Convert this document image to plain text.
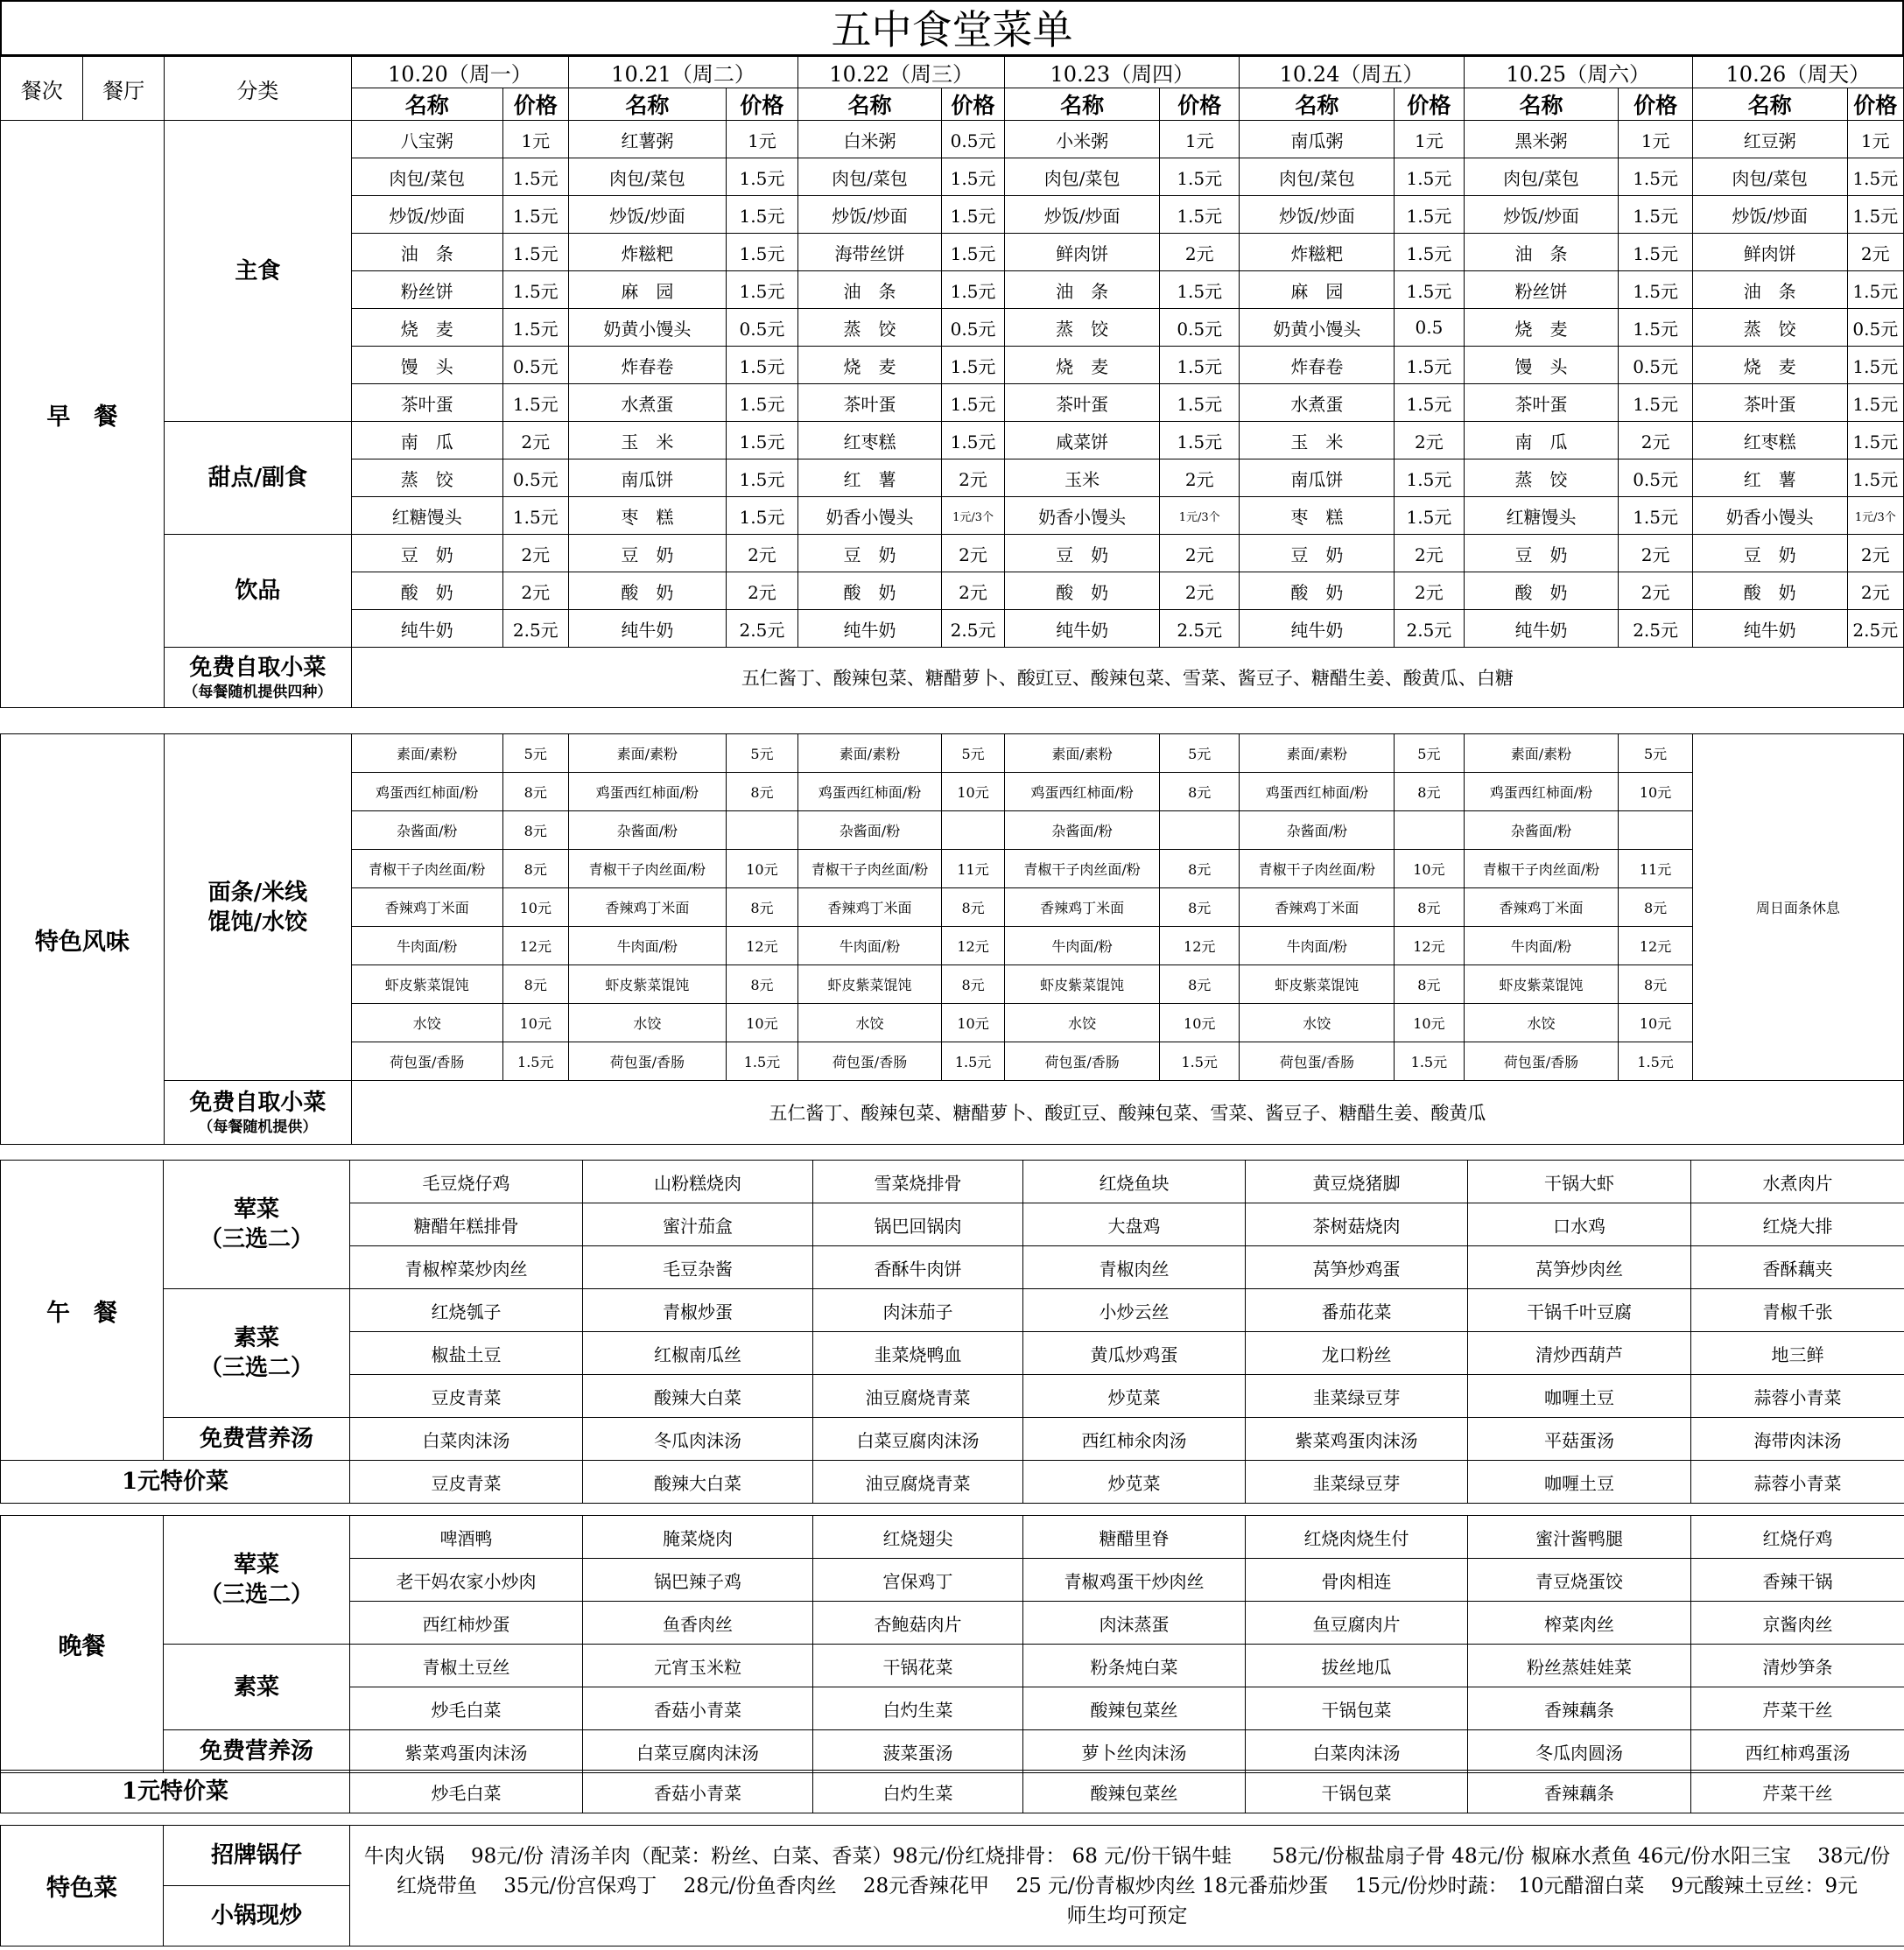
五中食堂菜单
餐次	餐厅	分类	10.20（周一）		10.21（周二）		10.22（周三）		10.23（周四）		10.24（周五）		10.25（周六）		10.26（周天）	
			名称	价格	名称	价格	名称	价格	名称	价格	名称	价格	名称	价格	名称	价格
早　餐		主食	八宝粥	1元	红薯粥	1元	白米粥	0.5元	小米粥	1元	南瓜粥	1元	黑米粥	1元	红豆粥	1元
			肉包/菜包	1.5元	肉包/菜包	1.5元	肉包/菜包	1.5元	肉包/菜包	1.5元	肉包/菜包	1.5元	肉包/菜包	1.5元	肉包/菜包	1.5元
			炒饭/炒面	1.5元	炒饭/炒面	1.5元	炒饭/炒面	1.5元	炒饭/炒面	1.5元	炒饭/炒面	1.5元	炒饭/炒面	1.5元	炒饭/炒面	1.5元
			油　条	1.5元	炸糍粑	1.5元	海带丝饼	1.5元	鲜肉饼	2元	炸糍粑	1.5元	油　条	1.5元	鲜肉饼	2元
			粉丝饼	1.5元	麻　园	1.5元	油　条	1.5元	油　条	1.5元	麻　园	1.5元	粉丝饼	1.5元	油　条	1.5元
			烧　麦	1.5元	奶黄小馒头	0.5元	蒸　饺	0.5元	蒸　饺	0.5元	奶黄小馒头	0.5	烧　麦	1.5元	蒸　饺	0.5元
			馒　头	0.5元	炸春卷	1.5元	烧　麦	1.5元	烧　麦	1.5元	炸春卷	1.5元	馒　头	0.5元	烧　麦	1.5元
			茶叶蛋	1.5元	水煮蛋	1.5元	茶叶蛋	1.5元	茶叶蛋	1.5元	水煮蛋	1.5元	茶叶蛋	1.5元	茶叶蛋	1.5元
		甜点/副食	南　瓜	2元	玉　米	1.5元	红枣糕	1.5元	咸菜饼	1.5元	玉　米	2元	南　瓜	2元	红枣糕	1.5元
			蒸　饺	0.5元	南瓜饼	1.5元	红　薯	2元	玉米	2元	南瓜饼	1.5元	蒸　饺	0.5元	红　薯	1.5元
			红糖馒头	1.5元	枣　糕	1.5元	奶香小馒头	1元/3个	奶香小馒头	1元/3个	枣　糕	1.5元	红糖馒头	1.5元	奶香小馒头	1元/3个
		饮品	豆　奶	2元	豆　奶	2元	豆　奶	2元	豆　奶	2元	豆　奶	2元	豆　奶	2元	豆　奶	2元
			酸　奶	2元	酸　奶	2元	酸　奶	2元	酸　奶	2元	酸　奶	2元	酸　奶	2元	酸　奶	2元
			纯牛奶	2.5元	纯牛奶	2.5元	纯牛奶	2.5元	纯牛奶	2.5元	纯牛奶	2.5元	纯牛奶	2.5元	纯牛奶	2.5元
		免费自取小菜
（每餐随机提供四种）	五仁酱丁、酸辣包菜、糖醋萝卜、酸豇豆、酸辣包菜、雪菜、酱豆子、糖醋生姜、酸黄瓜、白糖													
特色风味	面条/米线
馄饨/水饺	素面/素粉	5元	素面/素粉	5元	素面/素粉	5元	素面/素粉	5元	素面/素粉	5元	素面/素粉	5元	周日面条休息
		鸡蛋西红柿面/粉	8元	鸡蛋西红柿面/粉	8元	鸡蛋西红柿面/粉	10元	鸡蛋西红柿面/粉	8元	鸡蛋西红柿面/粉	8元	鸡蛋西红柿面/粉	10元	
		杂酱面/粉	8元	杂酱面/粉		杂酱面/粉		杂酱面/粉		杂酱面/粉		杂酱面/粉		
		青椒干子肉丝面/粉	8元	青椒干子肉丝面/粉	10元	青椒干子肉丝面/粉	11元	青椒干子肉丝面/粉	8元	青椒干子肉丝面/粉	10元	青椒干子肉丝面/粉	11元	
		香辣鸡丁米面	10元	香辣鸡丁米面	8元	香辣鸡丁米面	8元	香辣鸡丁米面	8元	香辣鸡丁米面	8元	香辣鸡丁米面	8元	
		牛肉面/粉	12元	牛肉面/粉	12元	牛肉面/粉	12元	牛肉面/粉	12元	牛肉面/粉	12元	牛肉面/粉	12元	
		虾皮紫菜馄饨	8元	虾皮紫菜馄饨	8元	虾皮紫菜馄饨	8元	虾皮紫菜馄饨	8元	虾皮紫菜馄饨	8元	虾皮紫菜馄饨	8元	
		水饺	10元	水饺	10元	水饺	10元	水饺	10元	水饺	10元	水饺	10元	
		荷包蛋/香肠	1.5元	荷包蛋/香肠	1.5元	荷包蛋/香肠	1.5元	荷包蛋/香肠	1.5元	荷包蛋/香肠	1.5元	荷包蛋/香肠	1.5元	
	免费自取小菜
（每餐随机提供）	五仁酱丁、酸辣包菜、糖醋萝卜、酸豇豆、酸辣包菜、雪菜、酱豆子、糖醋生姜、酸黄瓜												
午　餐	荤菜
（三选二）	毛豆烧仔鸡	山粉糕烧肉	雪菜烧排骨	红烧鱼块	黄豆烧猪脚	干锅大虾	水煮肉片
		糖醋年糕排骨	蜜汁茄盒	锅巴回锅肉	大盘鸡	茶树菇烧肉	口水鸡	红烧大排
		青椒榨菜炒肉丝	毛豆杂酱	香酥牛肉饼	青椒肉丝	莴笋炒鸡蛋	莴笋炒肉丝	香酥藕夹
	素菜
（三选二）	红烧瓠子	青椒炒蛋	肉沫茄子	小炒云丝	番茄花菜	干锅千叶豆腐	青椒千张
		椒盐土豆	红椒南瓜丝	韭菜烧鸭血	黄瓜炒鸡蛋	龙口粉丝	清炒西葫芦	地三鲜
		豆皮青菜	酸辣大白菜	油豆腐烧青菜	炒苋菜	韭菜绿豆芽	咖喱土豆	蒜蓉小青菜
	免费营养汤	白菜肉沫汤	冬瓜肉沫汤	白菜豆腐肉沫汤	西红柿氽肉汤	紫菜鸡蛋肉沫汤	平菇蛋汤	海带肉沫汤
1元特价菜	豆皮青菜	酸辣大白菜	油豆腐烧青菜	炒苋菜	韭菜绿豆芽	咖喱土豆	蒜蓉小青菜
晚餐	荤菜
（三选二）	啤酒鸭	腌菜烧肉	红烧翅尖	糖醋里脊	红烧肉烧生付	蜜汁酱鸭腿	红烧仔鸡
		老干妈农家小炒肉	锅巴辣子鸡	宫保鸡丁	青椒鸡蛋干炒肉丝	骨肉相连	青豆烧蛋饺	香辣干锅
		西红柿炒蛋	鱼香肉丝	杏鲍菇肉片	肉沫蒸蛋	鱼豆腐肉片	榨菜肉丝	京酱肉丝
	素菜	青椒土豆丝	元宵玉米粒	干锅花菜	粉条炖白菜	拔丝地瓜	粉丝蒸娃娃菜	清炒笋条
		炒毛白菜	香菇小青菜	白灼生菜	酸辣包菜丝	干锅包菜	香辣藕条	芹菜干丝
	免费营养汤	紫菜鸡蛋肉沫汤	白菜豆腐肉沫汤	菠菜蛋汤	萝卜丝肉沫汤	白菜肉沫汤	冬瓜肉圆汤	西红柿鸡蛋汤
1元特价菜	炒毛白菜	香菇小青菜	白灼生菜	酸辣包菜丝	干锅包菜	香辣藕条	芹菜干丝
特色菜	招牌锅仔	牛肉火锅　 98元/份 清汤羊肉（配菜：粉丝、白菜、香菜）98元/份红烧排骨： 68 元/份干锅牛蛙　　58元/份椒盐扇子骨 48元/份 椒麻水煮鱼 46元/份水阳三宝　 38元/份 红烧带鱼　 35元/份宫保鸡丁　 28元/份鱼香肉丝　 28元香辣花甲　 25 元/份青椒炒肉丝 18元番茄炒蛋　 15元/份炒时蔬：　10元醋溜白菜　 9元酸辣土豆丝：9元
师生均可预定
小锅现炒
